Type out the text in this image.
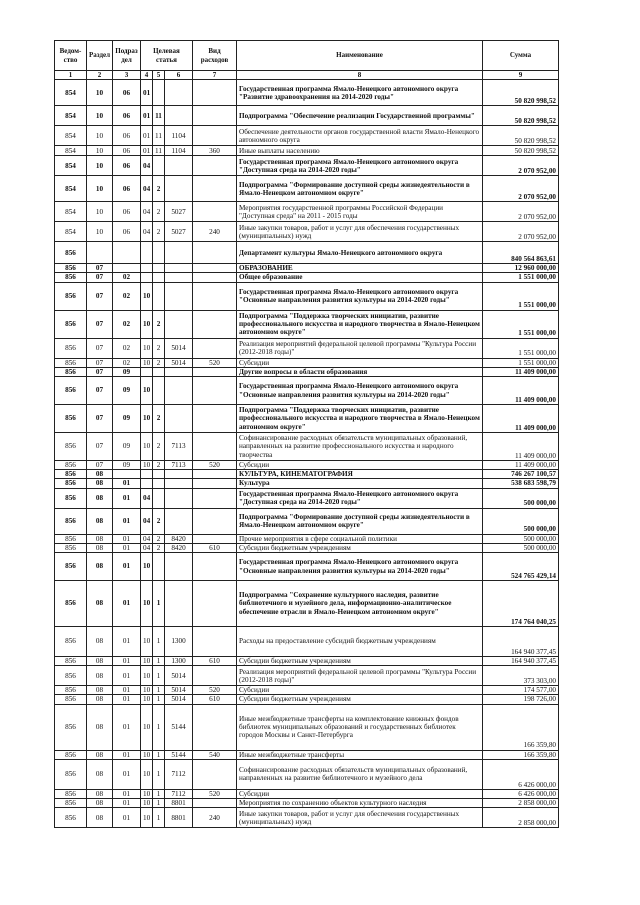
Ведом-ство	Раздел	Подраз дел	Целевая статья			Вид расходов	Наименование	Сумма
1	2	3	4	5	6	7	8	9
854	10	06	01				Государственная программа Ямало-Ненецкого автономного округа "Развитие здравоохранения на 2014-2020 годы"	50 820 998,52
854	10	06	01	11			Подпрограмма "Обеспечение реализации Государственной программы"	50 820 998,52
854	10	06	01	11	1104		Обеспечение деятельности органов государственной власти Ямало-Ненецкого автономного округа	50 820 998,52
854	10	06	01	11	1104	360	Иные выплаты населению	50 820 998,52
854	10	06	04				Государственная программа Ямало-Ненецкого автономного округа "Доступная среда на 2014-2020 годы"	2 070 952,00
854	10	06	04	2			Подпрограмма "Формирование доступной среды жизнедеятельности в Ямало-Ненецком автономном округе"	2 070 952,00
854	10	06	04	2	5027		Мероприятия государственной программы Российской Федерации "Доступная среда" на 2011 - 2015 годы	2 070 952,00
854	10	06	04	2	5027	240	Иные закупки товаров, работ и услуг для обеспечения государственных (муниципальных) нужд	2 070 952,00
856							Департамент культуры Ямало-Ненецкого автономного округа	840 564 863,61
856	07						ОБРАЗОВАНИЕ	12 960 000,00
856	07	02					Общее образование	1 551 000,00
856	07	02	10				Государственная программа Ямало-Ненецкого автономного округа "Основные направления развития культуры на 2014-2020 годы"	1 551 000,00
856	07	02	10	2			Подпрограмма "Поддержка творческих инициатив, развитие профессионального искусства и народного творчества в Ямало-Ненецком автономном округе"	1 551 000,00
856	07	02	10	2	5014		Реализация мероприятий федеральной целевой программы "Культура России (2012-2018 годы)"	1 551 000,00
856	07	02	10	2	5014	520	Субсидии	1 551 000,00
856	07	09					Другие вопросы в области образования	11 409 000,00
856	07	09	10				Государственная программа Ямало-Ненецкого автономного округа "Основные направления развития культуры на 2014-2020 годы"	11 409 000,00
856	07	09	10	2			Подпрограмма "Поддержка творческих инициатив, развитие профессионального искусства и народного творчества в Ямало-Ненецком автономном округе"	11 409 000,00
856	07	09	10	2	7113		Софинансирование расходных обязательств муниципальных образований, направленных на развитие профессионального искусства и народного творчества	11 409 000,00
856	07	09	10	2	7113	520	Субсидии	11 409 000,00
856	08						КУЛЬТУРА, КИНЕМАТОГРАФИЯ	746 267 100,57
856	08	01					Культура	538 683 598,79
856	08	01	04				Государственная программа Ямало-Ненецкого автономного округа "Доступная среда на 2014-2020 годы"	500 000,00
856	08	01	04	2			Подпрограмма "Формирование доступной среды жизнедеятельности в Ямало-Ненецком автономном округе"	500 000,00
856	08	01	04	2	8420		Прочие мероприятия в сфере социальной политики	500 000,00
856	08	01	04	2	8420	610	Субсидии бюджетным учреждениям	500 000,00
856	08	01	10				Государственная программа Ямало-Ненецкого автономного округа "Основные направления развития культуры на 2014-2020 годы"	524 765 429,14
856	08	01	10	1			Подпрограмма "Сохранение культурного наследия, развитие библиотечного и музейного дела, информационно-аналитическое обеспечение отрасли в Ямало-Ненецком автономном округе"	174 764 040,25
856	08	01	10	1	1300		Расходы на предоставление субсидий бюджетным учреждениям	164 940 377,45
856	08	01	10	1	1300	610	Субсидии бюджетным учреждениям	164 940 377,45
856	08	01	10	1	5014		Реализация мероприятий федеральной целевой программы "Культура России (2012-2018 годы)"	373 303,00
856	08	01	10	1	5014	520	Субсидии	174 577,00
856	08	01	10	1	5014	610	Субсидии бюджетным учреждениям	198 726,00
856	08	01	10	1	5144		Иные межбюджетные трансферты на комплектование книжных фондов библиотек муниципальных образований и государственных библиотек городов Москвы и Санкт-Петербурга	166 359,80
856	08	01	10	1	5144	540	Иные межбюджетные трансферты	166 359,80
856	08	01	10	1	7112		Софинансирование расходных обязательств муниципальных образований, направленных на развитие библиотечного и музейного дела	6 426 000,00
856	08	01	10	1	7112	520	Субсидии	6 426 000,00
856	08	01	10	1	8801		Мероприятия по сохранению объектов культурного наследия	2 858 000,00
856	08	01	10	1	8801	240	Иные закупки товаров, работ и услуг для обеспечения государственных (муниципальных) нужд	2 858 000,00
